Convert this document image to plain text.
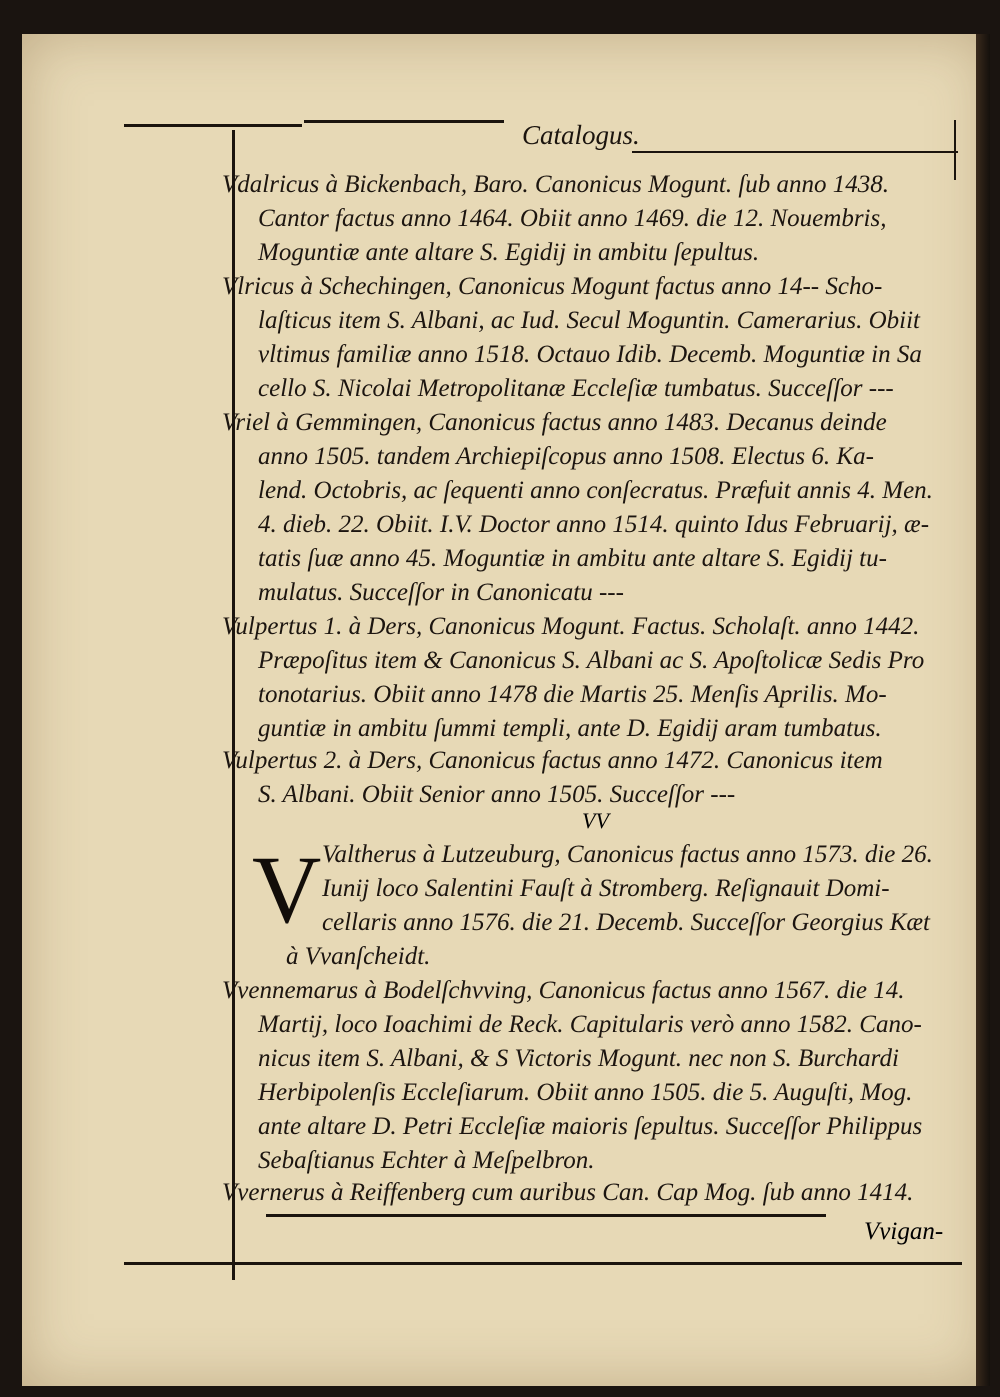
Catalogus.
Vdalricus à Bickenbach, Baro. Canonicus Mogunt. ſub anno 1438.
Cantor factus anno 1464. Obiit anno 1469. die 12. Nouembris,
Moguntiæ ante altare S. Egidij in ambitu ſepultus.
Vlricus à Schechingen, Canonicus Mogunt factus anno 14-- Scho-
laſticus item S. Albani, ac Iud. Secul Moguntin. Camerarius. Obiit
vltimus familiæ anno 1518. Octauo Idib. Decemb. Moguntiæ in Sa
cello S. Nicolai Metropolitanæ Eccleſiæ tumbatus. Succeſſor ---
Vriel à Gemmingen, Canonicus factus anno 1483. Decanus deinde
anno 1505. tandem Archiepiſcopus anno 1508. Electus 6. Ka-
lend. Octobris, ac ſequenti anno conſecratus. Præfuit annis 4. Men.
4. dieb. 22. Obiit. I.V. Doctor anno 1514. quinto Idus Februarij, æ-
tatis ſuæ anno 45. Moguntiæ in ambitu ante altare S. Egidij tu-
mulatus. Succeſſor in Canonicatu ---
Vulpertus 1. à Ders, Canonicus Mogunt. Factus. Scholaſt. anno 1442.
Præpoſitus item & Canonicus S. Albani ac S. Apoſtolicæ Sedis Pro
tonotarius. Obiit anno 1478 die Martis 25. Menſis Aprilis. Mo-
guntiæ in ambitu ſummi templi, ante D. Egidij aram tumbatus.
Vulpertus 2. à Ders, Canonicus factus anno 1472. Canonicus item
S. Albani. Obiit Senior anno 1505. Succeſſor ---
VV
V Valtherus à Lutzeuburg, Canonicus factus anno 1573. die 26.
Iunij loco Salentini Fauſt à Stromberg. Reſignauit Domi-
cellaris anno 1576. die 21. Decemb. Succeſſor Georgius Kæt
à Vvanſcheidt.
Vvennemarus à Bodelſchvving, Canonicus factus anno 1567. die 14.
Martij, loco Ioachimi de Reck. Capitularis verò anno 1582. Cano-
nicus item S. Albani, & S Victoris Mogunt. nec non S. Burchardi
Herbipolenſis Eccleſiarum. Obiit anno 1505. die 5. Auguſti, Mog.
ante altare D. Petri Eccleſiæ maioris ſepultus. Succeſſor Philippus
Sebaſtianus Echter à Meſpelbron.
Vvernerus à Reiffenberg cum auribus Can. Cap Mog. ſub anno 1414.
Vvigan-
